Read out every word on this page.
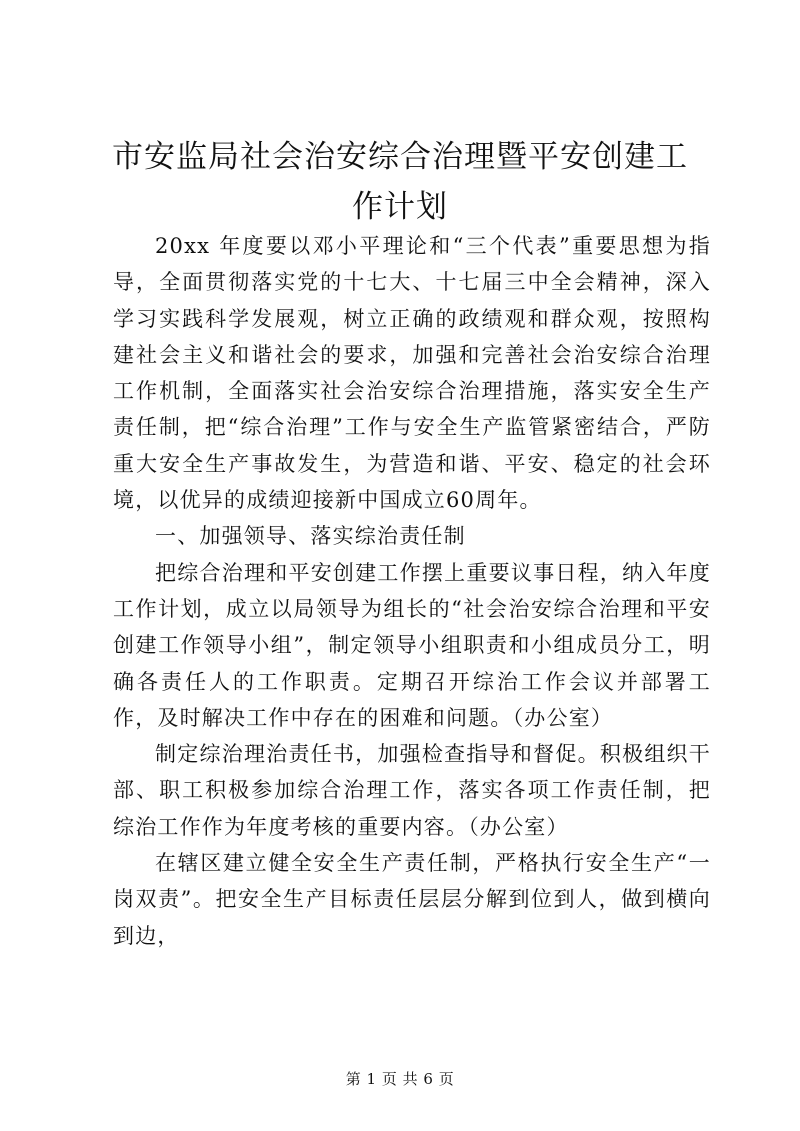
市安监局社会治安综合治理暨平安创建工作计划

20xx 年度要以邓小平理论和“三个代表”重要思想为指导，全面贯彻落实党的十七大、十七届三中全会精神，深入学习实践科学发展观，树立正确的政绩观和群众观，按照构建社会主义和谐社会的要求，加强和完善社会治安综合治理工作机制，全面落实社会治安综合治理措施，落实安全生产责任制，把“综合治理”工作与安全生产监管紧密结合，严防重大安全生产事故发生，为营造和谐、平安、稳定的社会环境，以优异的成绩迎接新中国成立60周年。

一、加强领导、落实综治责任制

把综合治理和平安创建工作摆上重要议事日程，纳入年度工作计划，成立以局领导为组长的“社会治安综合治理和平安创建工作领导小组”，制定领导小组职责和小组成员分工，明确各责任人的工作职责。定期召开综治工作会议并部署工作，及时解决工作中存在的困难和问题。（办公室）

制定综治理治责任书，加强检查指导和督促。积极组织干部、职工积极参加综合治理工作，落实各项工作责任制，把综治工作作为年度考核的重要内容。（办公室）

在辖区建立健全安全生产责任制，严格执行安全生产“一岗双责”。把安全生产目标责任层层分解到位到人，做到横向到边，

第 1 页 共 6 页
